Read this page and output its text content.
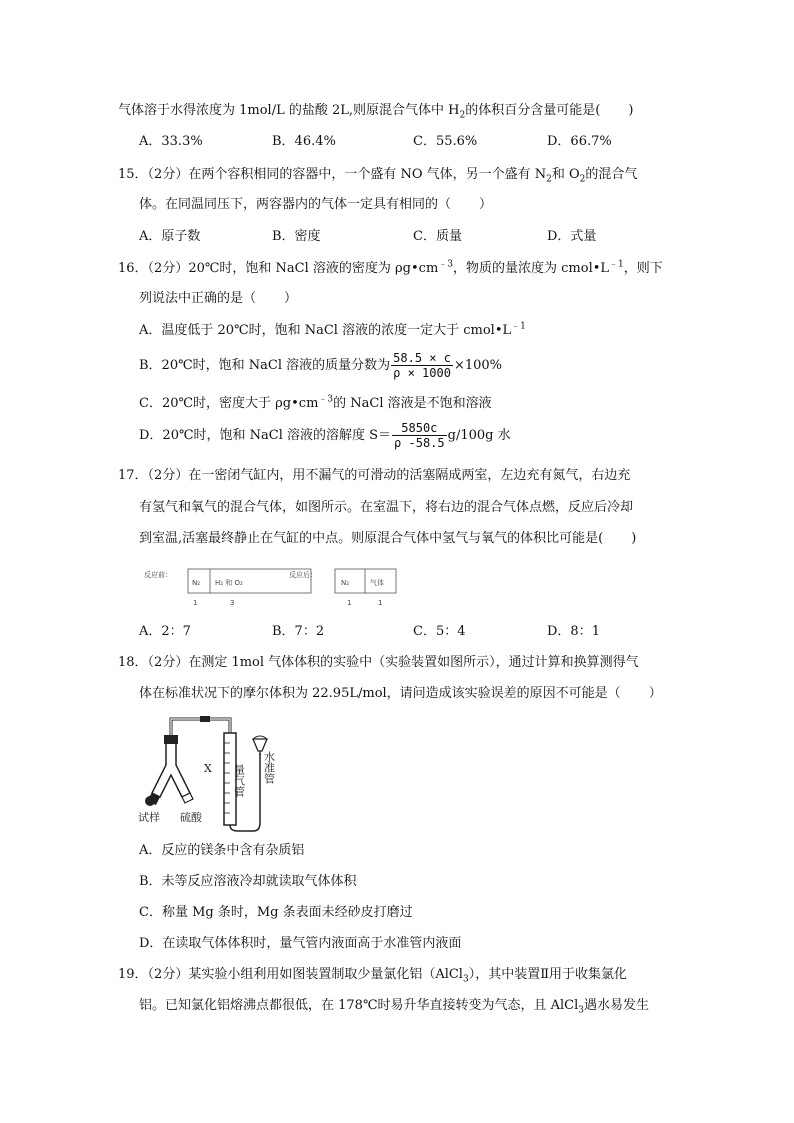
气体溶于水得浓度为 1mol/L 的盐酸 2L,则原混合气体中 $H_2$的体积百分含量可能是( )
A．33.3%	B．46.4%	C．55.6%	D．66.7%
15．（2分）在两个容积相同的容器中，一个盛有 NO 气体，另一个盛有 $N_2$和 $O_2$的混合气
体。在同温同压下，两容器内的气体一定具有相同的（ ）
A．原子数	B．密度	C．质量	D．式量
16．（2分）20℃时，饱和 NaCl 溶液的密度为 $\rho g•cm^{﹣3}$，物质的量浓度为 $cmol•L^{﹣1}$，则下
列说法中正确的是（ ）
A．温度低于 20℃时，饱和 NaCl 溶液的浓度一定大于 $cmol•L^{﹣1}$
B．20℃时，饱和 NaCl 溶液的质量分数为 $\frac{58.5 \times c}{\rho \times 1000} \times 100\%$
C．20℃时，密度大于 $\rho g•cm^{﹣3}$的 NaCl 溶液是不饱和溶液
D．20℃时，饱和 NaCl 溶液的溶解度 $S= \frac{5850c}{\rho -58.5} g/100g$ 水
17．（2分）在一密闭气缸内，用不漏气的可滑动的活塞隔成两室，左边充有氮气，右边充
有氢气和氧气的混合气体，如图所示。在室温下，将右边的混合气体点燃，反应后冷却
到室温,活塞最终静止在气缸的中点。则原混合气体中氢气与氧气的体积比可能是( )
反应前：
N₂ H₂ 和 O₂
1	3
反应后：
N₂	气体
1	1
A．2：7	B．7：2	C．5：4	D．8：1
18．（2分）在测定 1mol 气体体积的实验中（实验装置如图所示），通过计算和换算测得气
体在标准状况下的摩尔体积为 22.95L/mol，请问造成该实验误差的原因不可能是（ ）
X 量气管 水准管
试样 硫酸
A．反应的镁条中含有杂质铝
B．未等反应溶液冷却就读取气体体积
C．称量 Mg 条时，Mg 条表面未经砂皮打磨过
D．在读取气体体积时，量气管内液面高于水准管内液面
19．（2分）某实验小组利用如图装置制取少量氯化铝（AlCl$_3$），其中装置Ⅱ用于收集氯化
铝。已知氯化铝熔沸点都很低，在 178℃时易升华直接转变为气态，且 AlCl$_3$遇水易发生
